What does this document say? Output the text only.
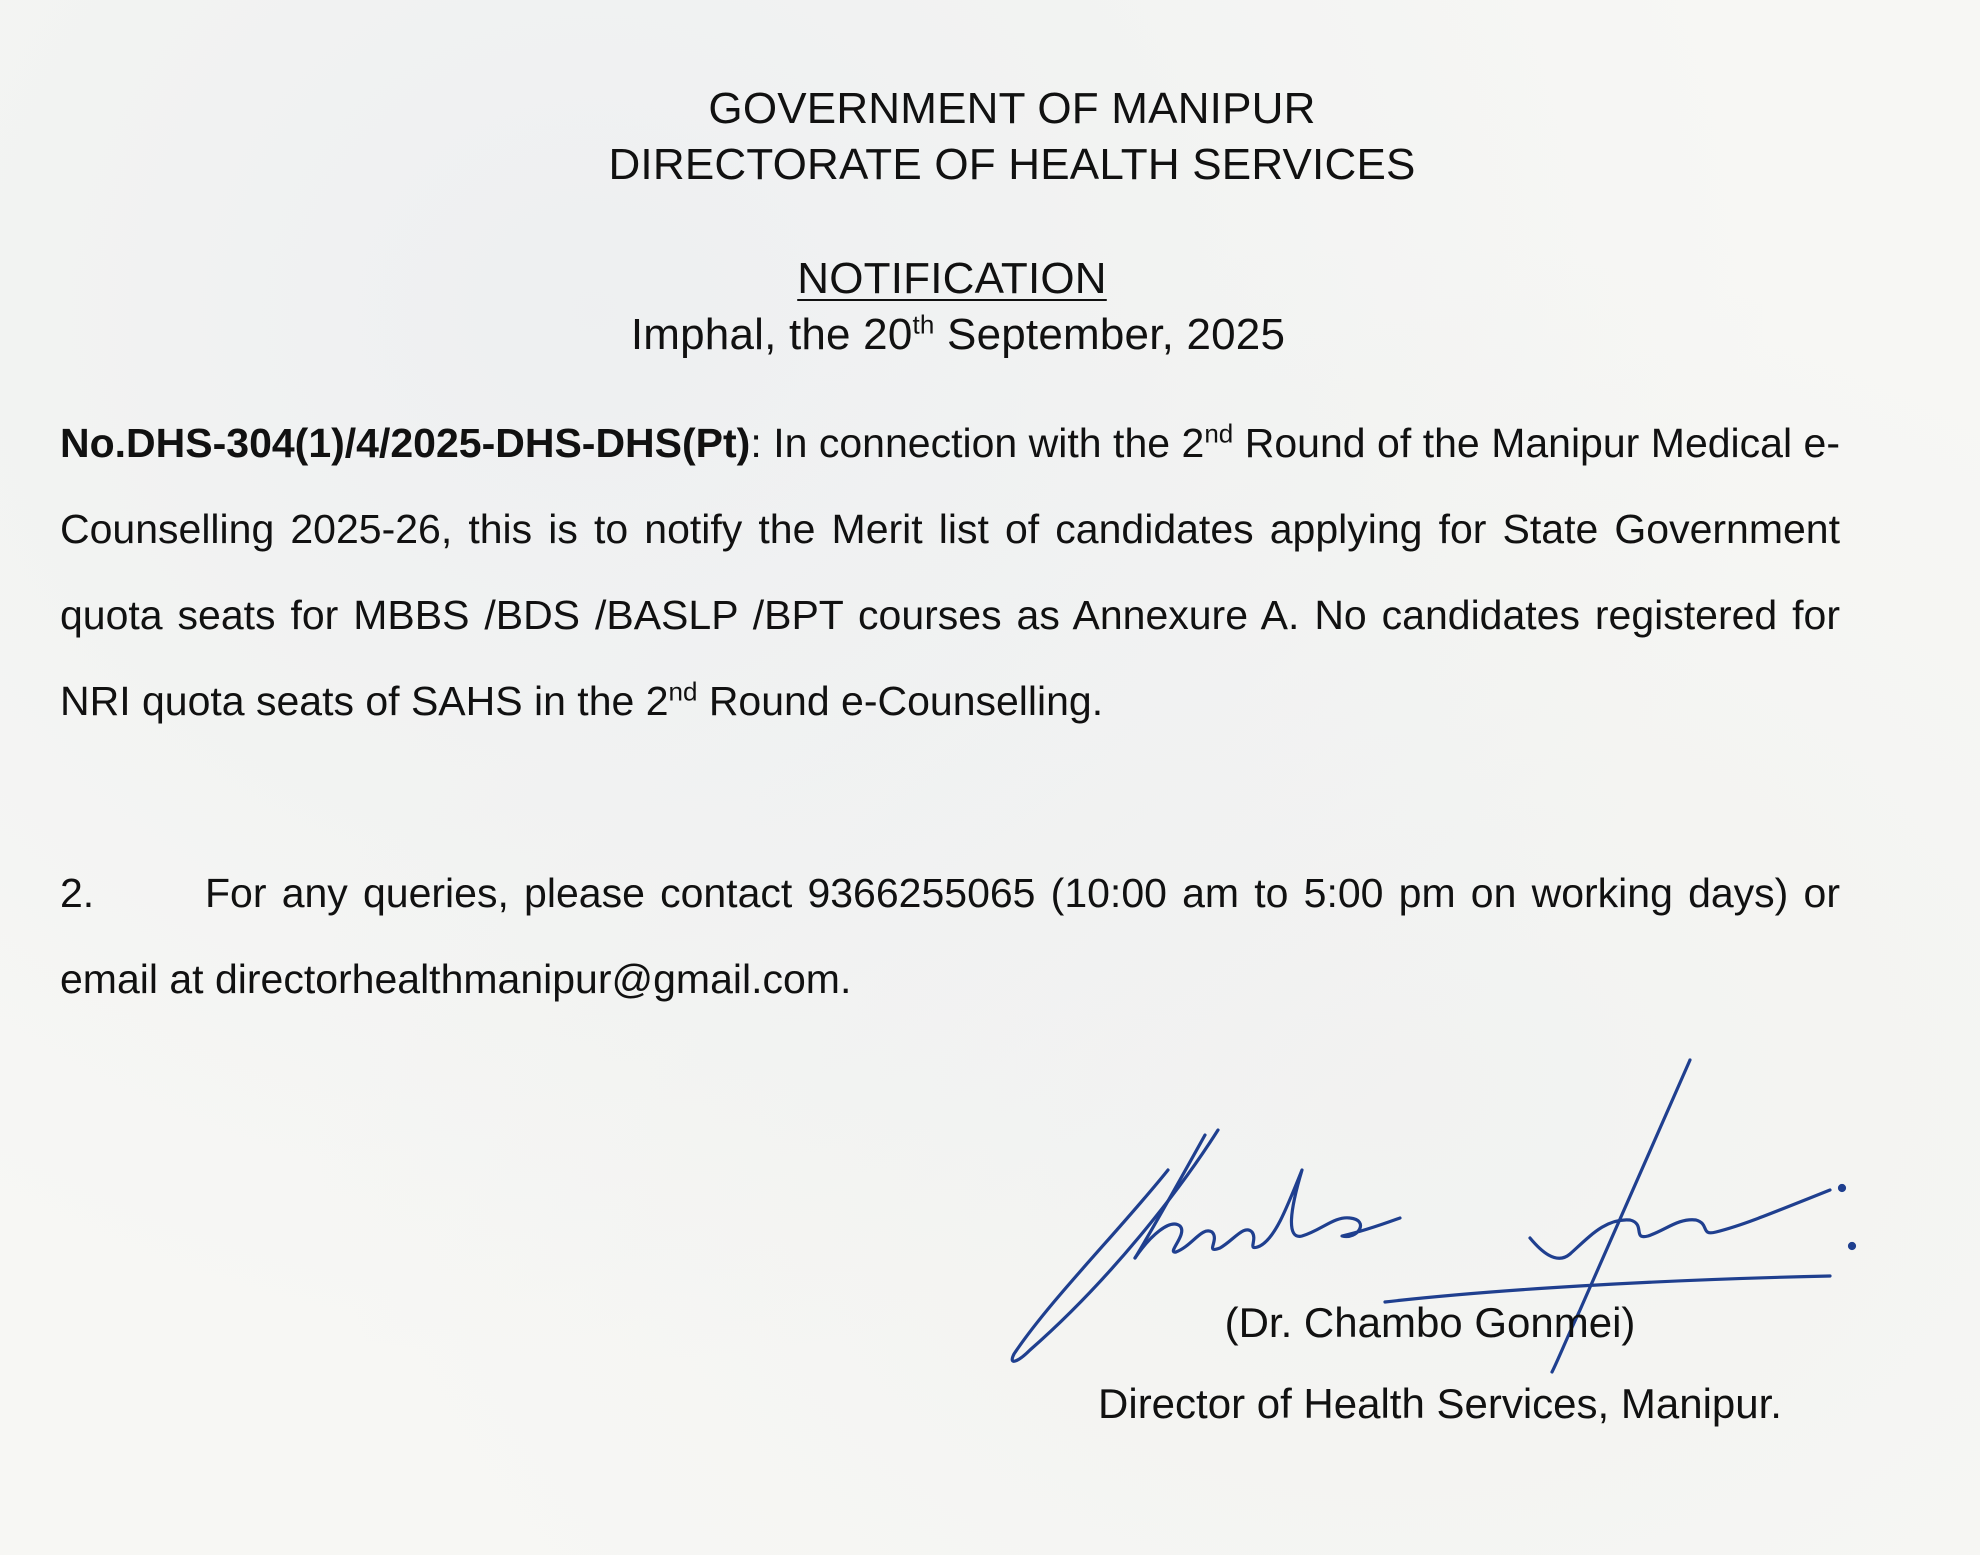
GOVERNMENT OF MANIPUR
DIRECTORATE OF HEALTH SERVICES
NOTIFICATION
Imphal, the 20th September, 2025
No.DHS-304(1)/4/2025-DHS-DHS(Pt): In connection with the 2nd Round of the Manipur Medical e-Counselling 2025-26, this is to notify the Merit list of candidates applying for State Government quota seats for MBBS /BDS /BASLP /BPT courses as Annexure A. No candidates registered for NRI quota seats of SAHS in the 2nd Round e-Counselling.
2.	For any queries, please contact 9366255065 (10:00 am to 5:00 pm on working days) or email at directorhealthmanipur@gmail.com.
(Dr. Chambo Gonmei)
Director of Health Services, Manipur.
